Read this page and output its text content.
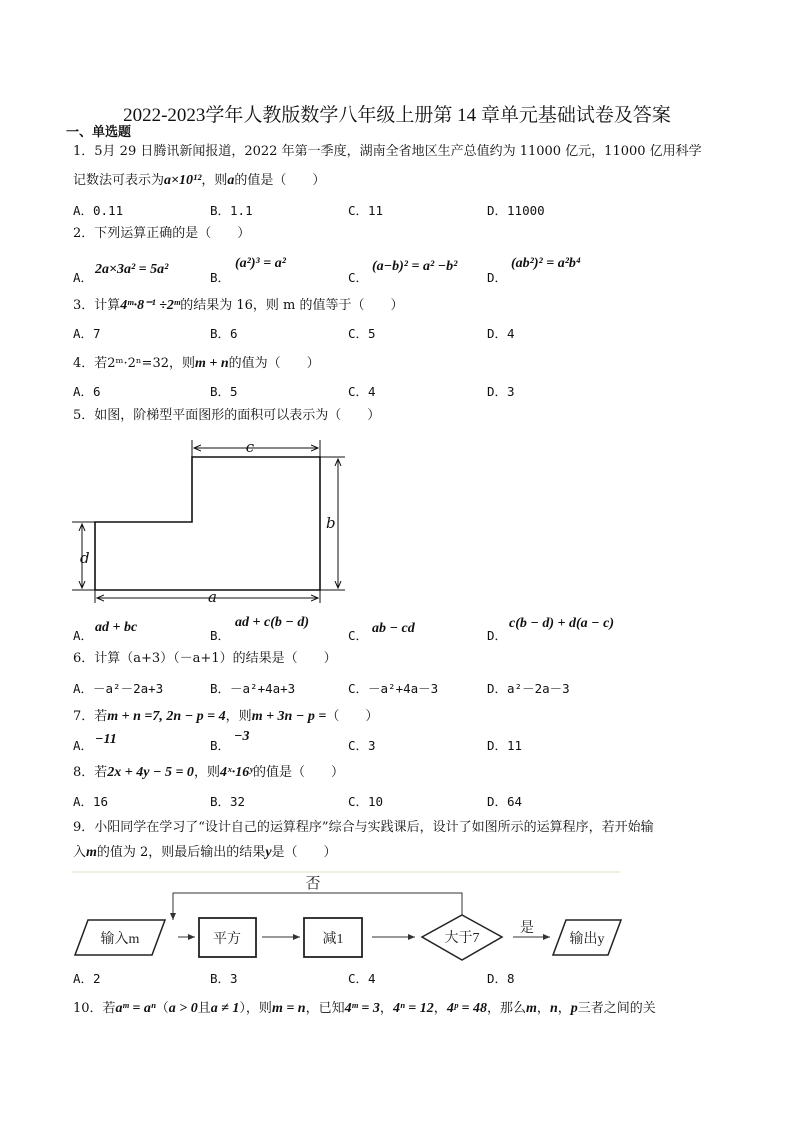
2022-2023学年人教版数学八年级上册第 14 章单元基础试卷及答案
一、单选题
1．5月 29 日腾讯新闻报道，2022 年第一季度，湖南全省地区生产总值约为 11000 亿元，11000 亿用科学
记数法可表示为a×10¹²，则a的值是（　　）
A．0.11	B．1.1	C．11	D．11000
2．下列运算正确的是（　　）
A．
2a×3a² = 5a²
B．
(a²)³ = a²
C．
(a−b)² = a² −b²
D．
(ab²)² = a²b⁴
3．计算4ᵐ·8⁻¹ ÷2ᵐ的结果为 16，则 m 的值等于（　　）
A．7	B．6	C．5	D．4
4．若2ᵐ·2ⁿ=32，则m + n的值为（　　）
A．6	B．5	C．4	D．3
5．如图，阶梯型平面图形的面积可以表示为（　　）
c
b
d
a
A．
ad + bc
B．
ad + c(b − d)
C． ab − cd	D．
c(b − d) + d(a − c)
6．计算（a+3）（－a+1）的结果是（　　）
A．－a²－2a+3	B．－a²+4a+3	C．－a²+4a－3	D．a²－2a－3
7．若m + n =7, 2n − p = 4，则m + 3n − p =（　　）
A． −11	B．
−3
C．3	D．11
8．若2x + 4y − 5 = 0，则4ˣ·16ʸ的值是（　　）
A．16	B．32	C．10	D．64
9．小阳同学在学习了“设计自己的运算程序”综合与实践课后，设计了如图所示的运算程序，若开始输
入m的值为 2，则最后输出的结果y是（　　）
否
输入m	平方	减1	大于7
是
输出y
A．2	B．3	C．4	D．8
10．若aᵐ = aⁿ（a > 0且a ≠ 1），则m = n，已知4ᵐ = 3，4ⁿ = 12，4ᵖ = 48，那么m，n，p三者之间的关
